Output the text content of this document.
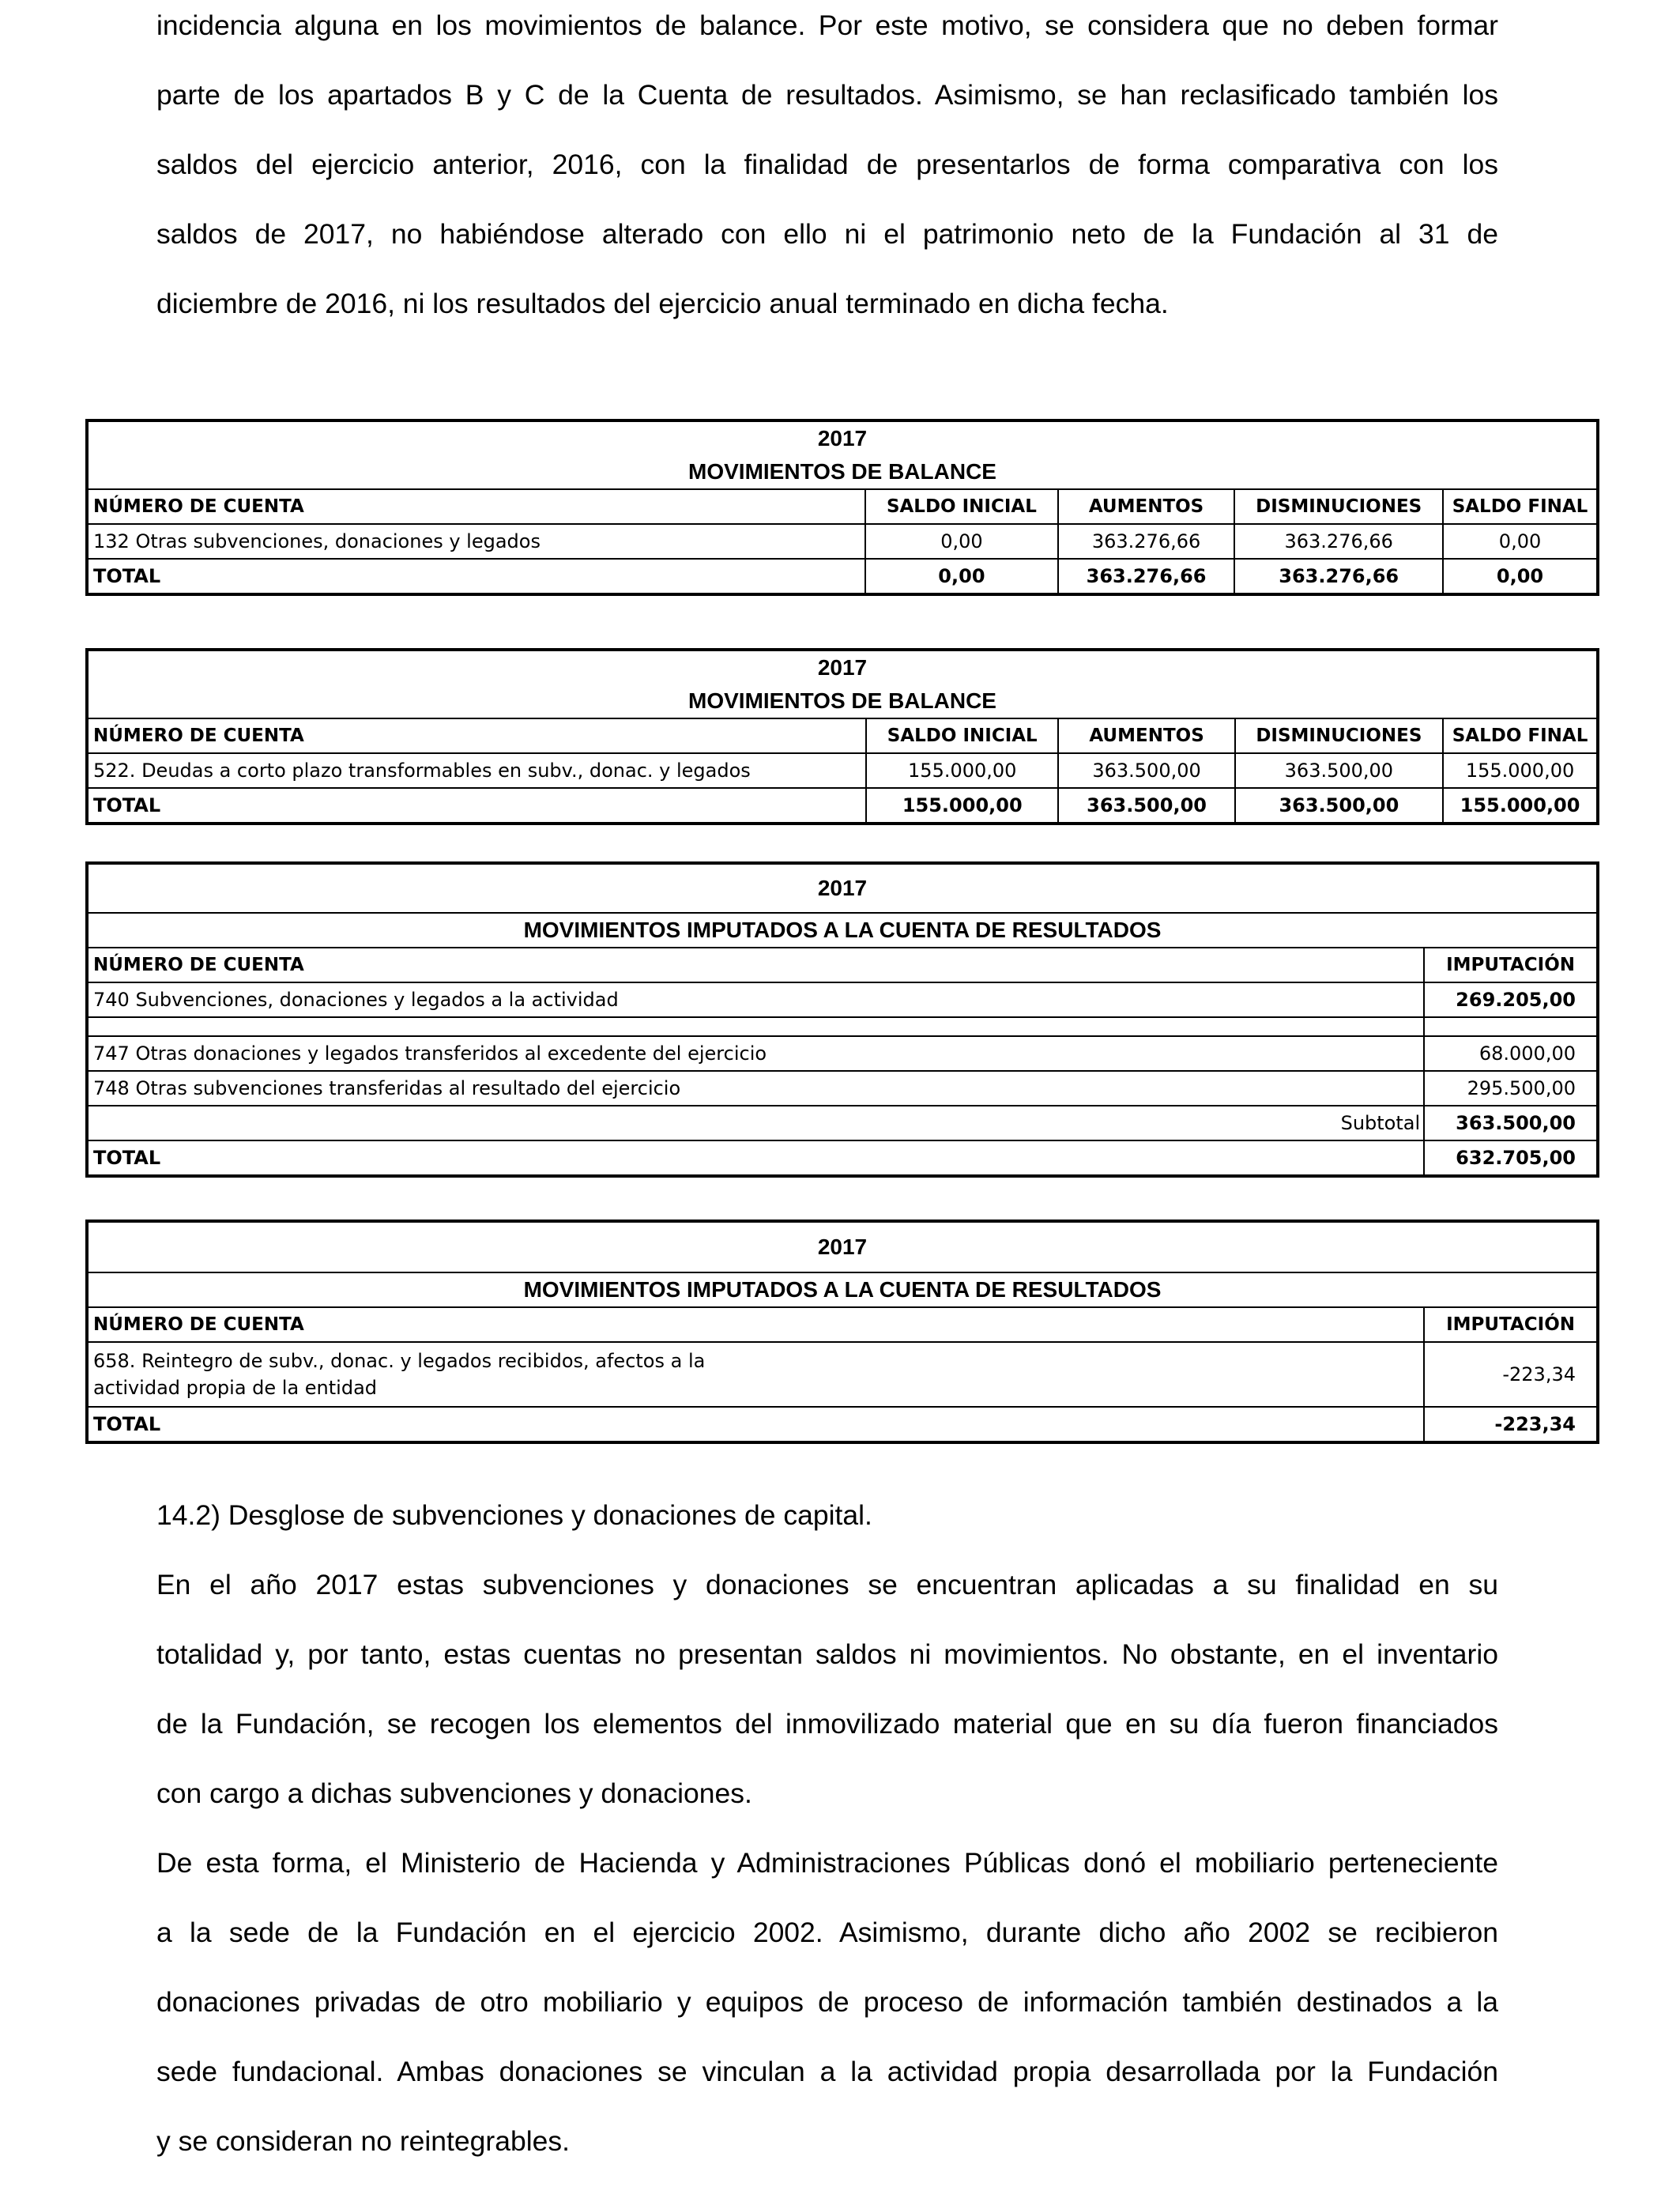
incidencia alguna en los movimientos de balance. Por este motivo, se considera que no deben formar
parte de los apartados B y C de la Cuenta de resultados. Asimismo, se han reclasificado también los
saldos del ejercicio anterior, 2016, con la finalidad de presentarlos de forma comparativa con los
saldos de 2017, no habiéndose alterado con ello ni el patrimonio neto de la Fundación al 31 de
diciembre de 2016, ni los resultados del ejercicio anual terminado en dicha fecha.
2017				
MOVIMIENTOS DE BALANCE				
NÚMERO DE CUENTA	SALDO INICIAL	AUMENTOS	DISMINUCIONES	SALDO FINAL
132 Otras subvenciones, donaciones y legados	0,00	363.276,66	363.276,66	0,00
TOTAL	0,00	363.276,66	363.276,66	0,00
2017				
MOVIMIENTOS DE BALANCE				
NÚMERO DE CUENTA	SALDO INICIAL	AUMENTOS	DISMINUCIONES	SALDO FINAL
522. Deudas a corto plazo transformables en subv., donac. y legados	155.000,00	363.500,00	363.500,00	155.000,00
TOTAL	155.000,00	363.500,00	363.500,00	155.000,00
2017	
MOVIMIENTOS IMPUTADOS A LA CUENTA DE RESULTADOS	
NÚMERO DE CUENTA	IMPUTACIÓN
740 Subvenciones, donaciones y legados a la actividad	269.205,00

747 Otras donaciones y legados transferidos al excedente del ejercicio	68.000,00
748 Otras subvenciones transferidas al resultado del ejercicio	295.500,00
Subtotal	363.500,00
TOTAL	632.705,00
2017	
MOVIMIENTOS IMPUTADOS A LA CUENTA DE RESULTADOS	
NÚMERO DE CUENTA	IMPUTACIÓN
658. Reintegro de subv., donac. y legados recibidos, afectos a la
actividad propia de la entidad	-223,34
TOTAL	-223,34
14.2) Desglose de subvenciones y donaciones de capital.
En el año 2017 estas subvenciones y donaciones se encuentran aplicadas a su finalidad en su
totalidad y, por tanto, estas cuentas no presentan saldos ni movimientos. No obstante, en el inventario
de la Fundación, se recogen los elementos del inmovilizado material que en su día fueron financiados
con cargo a dichas subvenciones y donaciones.
De esta forma, el Ministerio de Hacienda y Administraciones Públicas donó el mobiliario perteneciente
a la sede de la Fundación en el ejercicio 2002. Asimismo, durante dicho año 2002 se recibieron
donaciones privadas de otro mobiliario y equipos de proceso de información también destinados a la
sede fundacional. Ambas donaciones se vinculan a la actividad propia desarrollada por la Fundación
y se consideran no reintegrables.
